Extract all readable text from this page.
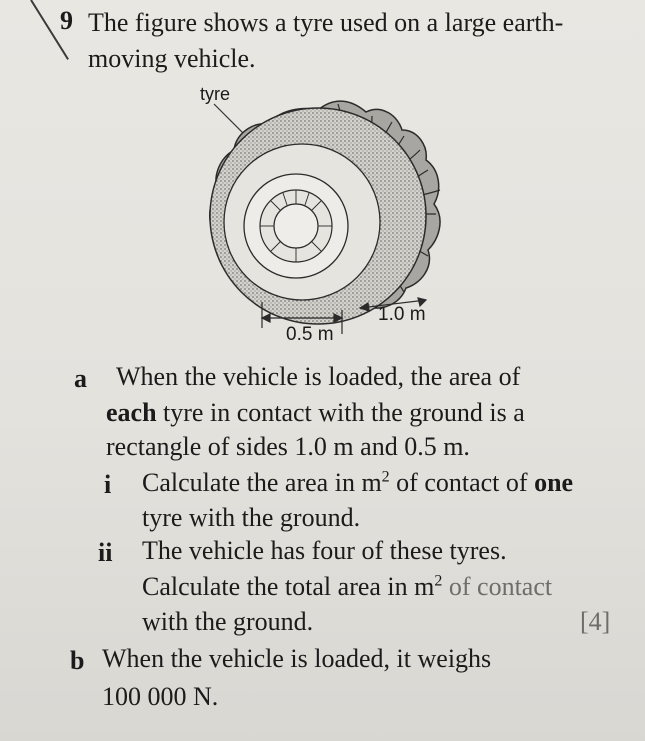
9 The figure shows a tyre used on a large earth-
moving vehicle.
tyre
1.0 m
0.5 m
a When the vehicle is loaded, the area of
each tyre in contact with the ground is a
rectangle of sides 1.0 m and 0.5 m.
i Calculate the area in $m^2$ of contact of one
tyre with the ground.
ii The vehicle has four of these tyres.
Calculate the total area in $m^2$ of contact
with the ground.	[4]
b When the vehicle is loaded, it weighs
100 000 N.
